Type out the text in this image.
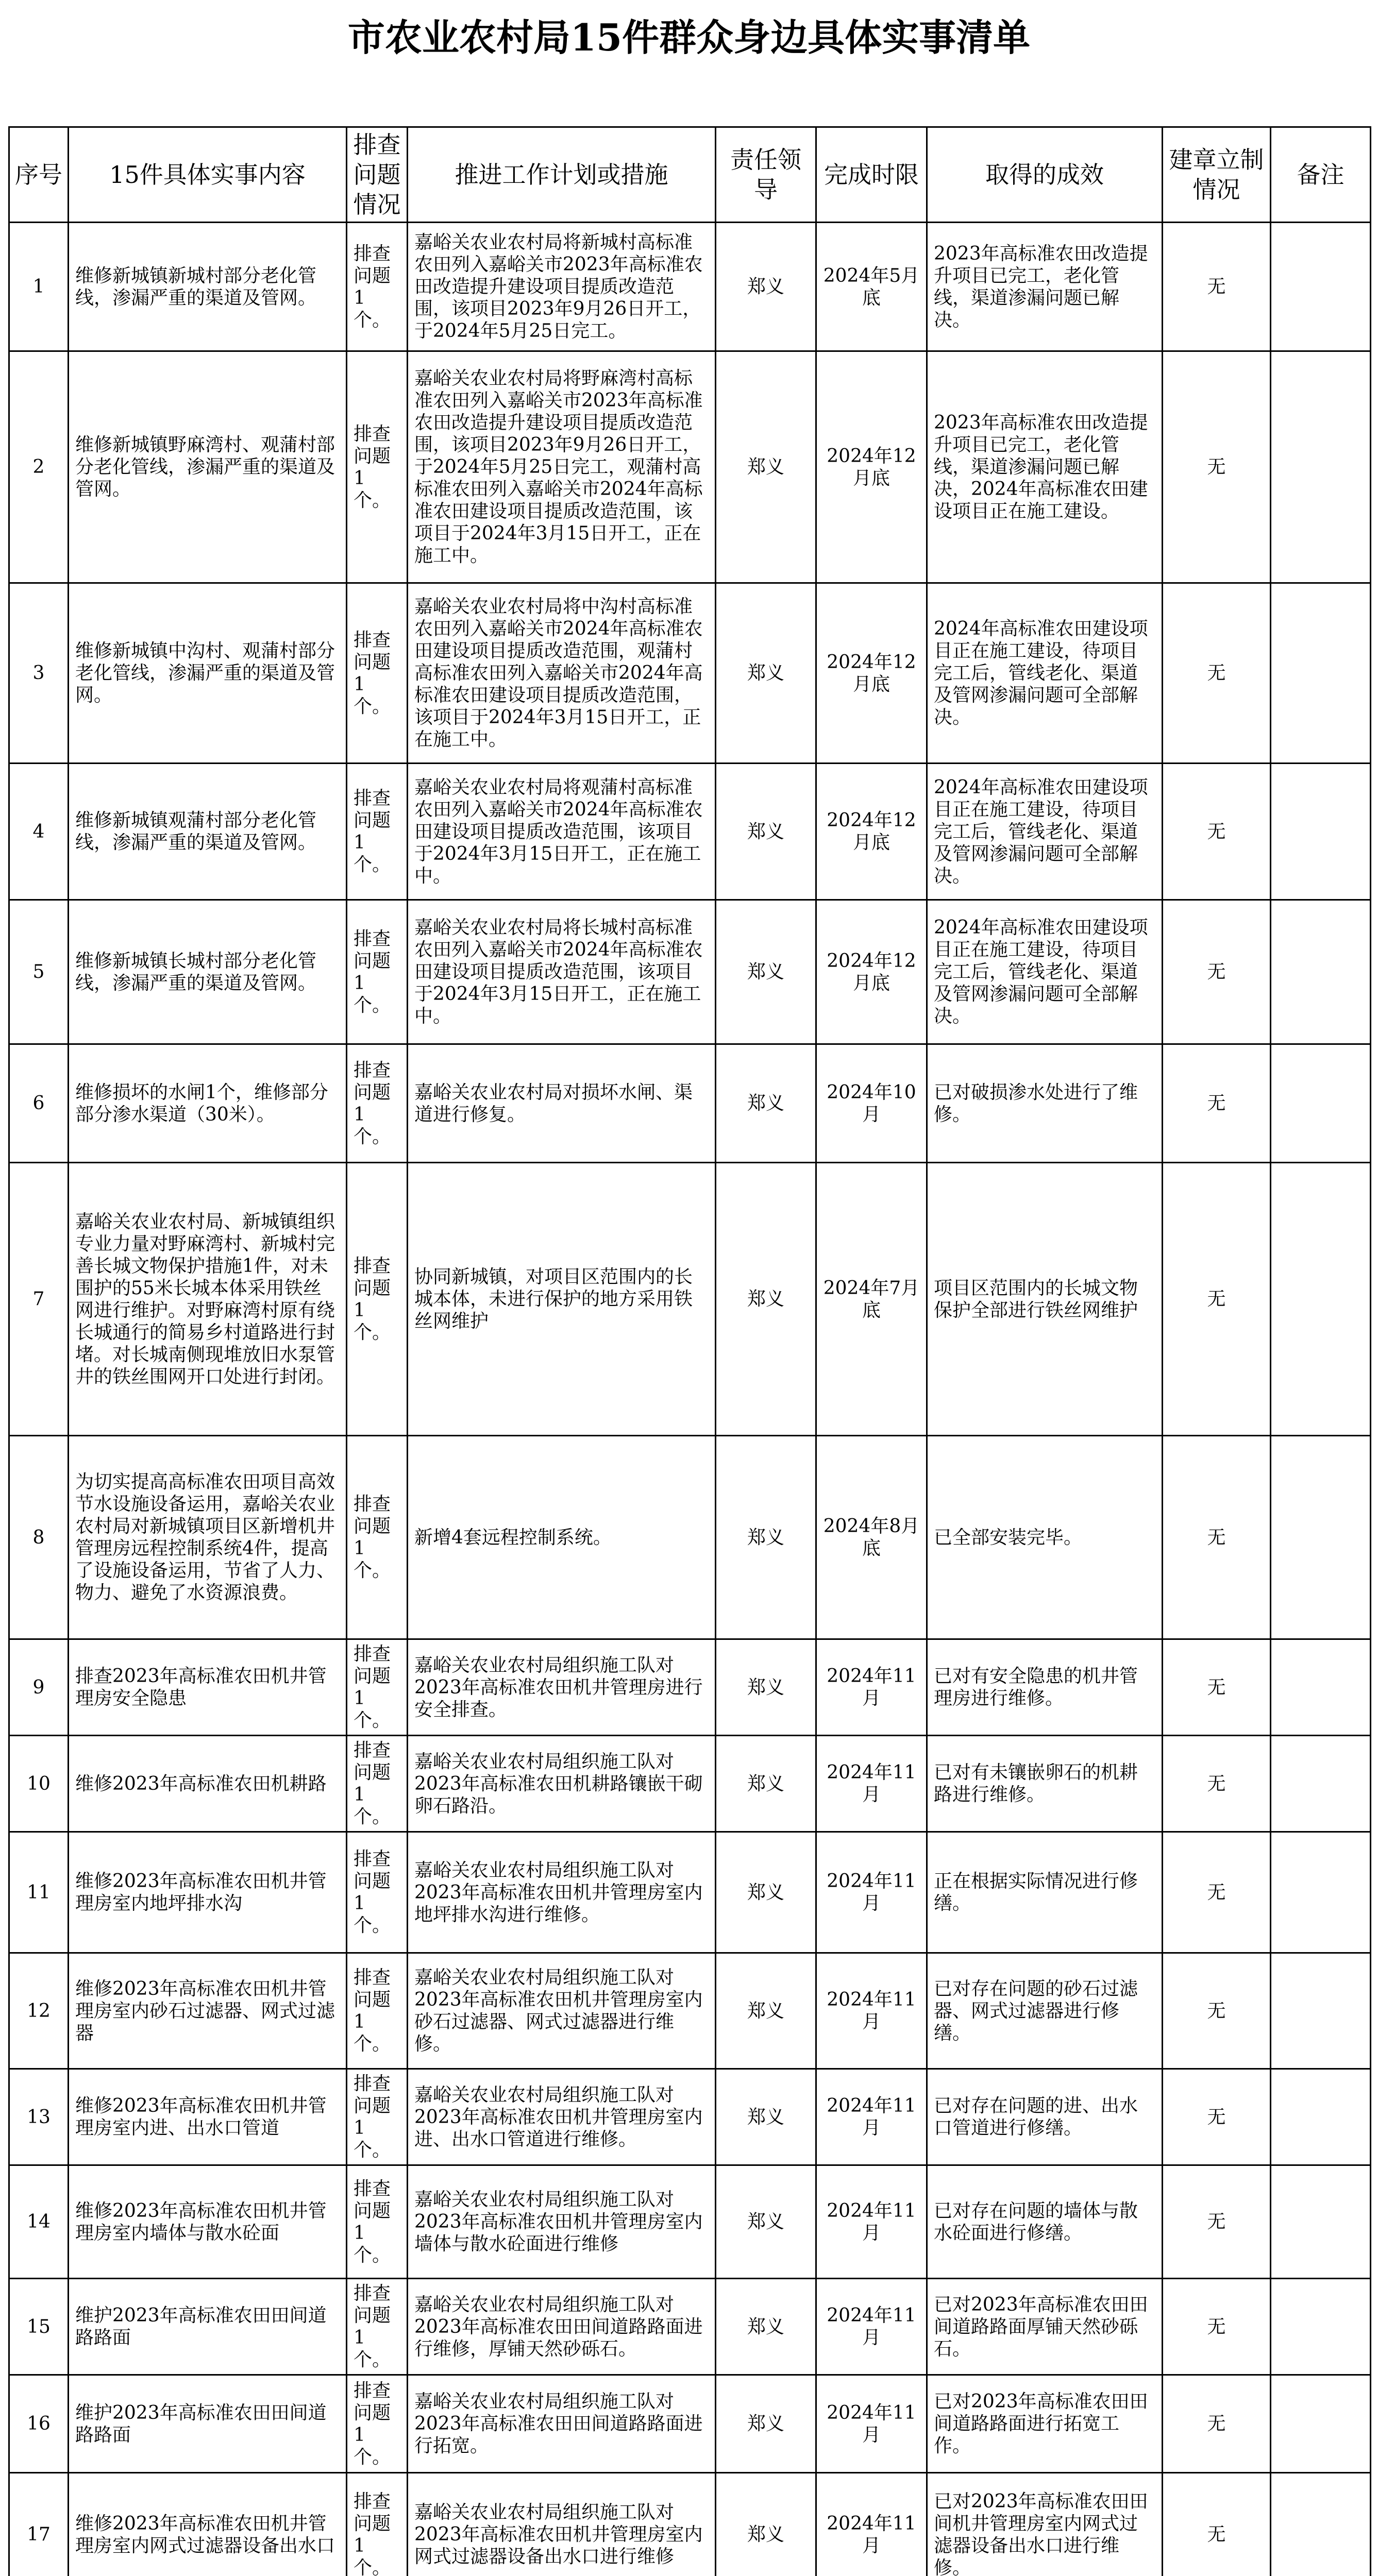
市农业农村局15件群众身边具体实事清单
序号	15件具体实事内容	排查问题情况	推进工作计划或措施	责任领导	完成时限	取得的成效	建章立制情况	备注
1	维修新城镇新城村部分老化管线，渗漏严重的渠道及管网。	排查问题1个。	嘉峪关农业农村局将新城村高标准农田列入嘉峪关市2023年高标准农田改造提升建设项目提质改造范围，该项目2023年9月26日开工，于2024年5月25日完工。	郑义	2024年5月底	2023年高标准农田改造提升项目已完工，老化管线，渠道渗漏问题已解决。	无	
2	维修新城镇野麻湾村、观蒲村部分老化管线，渗漏严重的渠道及管网。	排查问题1个。	嘉峪关农业农村局将野麻湾村高标准农田列入嘉峪关市2023年高标准农田改造提升建设项目提质改造范围，该项目2023年9月26日开工，于2024年5月25日完工，观蒲村高标准农田列入嘉峪关市2024年高标准农田建设项目提质改造范围，该项目于2024年3月15日开工，正在施工中。	郑义	2024年12月底	2023年高标准农田改造提升项目已完工，老化管线，渠道渗漏问题已解决，2024年高标准农田建设项目正在施工建设。	无	
3	维修新城镇中沟村、观蒲村部分老化管线，渗漏严重的渠道及管网。	排查问题1个。	嘉峪关农业农村局将中沟村高标准农田列入嘉峪关市2024年高标准农田建设项目提质改造范围，观蒲村高标准农田列入嘉峪关市2024年高标准农田建设项目提质改造范围，该项目于2024年3月15日开工，正在施工中。	郑义	2024年12月底	2024年高标准农田建设项目正在施工建设，待项目完工后，管线老化、渠道及管网渗漏问题可全部解决。	无	
4	维修新城镇观蒲村部分老化管线，渗漏严重的渠道及管网。	排查问题1个。	嘉峪关农业农村局将观蒲村高标准农田列入嘉峪关市2024年高标准农田建设项目提质改造范围，该项目于2024年3月15日开工，正在施工中。	郑义	2024年12月底	2024年高标准农田建设项目正在施工建设，待项目完工后，管线老化、渠道及管网渗漏问题可全部解决。	无	
5	维修新城镇长城村部分老化管线，渗漏严重的渠道及管网。	排查问题1个。	嘉峪关农业农村局将长城村高标准农田列入嘉峪关市2024年高标准农田建设项目提质改造范围，该项目于2024年3月15日开工，正在施工中。	郑义	2024年12月底	2024年高标准农田建设项目正在施工建设，待项目完工后，管线老化、渠道及管网渗漏问题可全部解决。	无	
6	维修损坏的水闸1个，维修部分部分渗水渠道（30米）。	排查问题1个。	嘉峪关农业农村局对损坏水闸、渠道进行修复。	郑义	2024年10月	已对破损渗水处进行了维修。	无	
7	嘉峪关农业农村局、新城镇组织专业力量对野麻湾村、新城村完善长城文物保护措施1件，对未围护的55米长城本体采用铁丝网进行维护。对野麻湾村原有绕长城通行的简易乡村道路进行封堵。对长城南侧现堆放旧水泵管井的铁丝围网开口处进行封闭。	排查问题1个。	协同新城镇，对项目区范围内的长城本体，未进行保护的地方采用铁丝网维护	郑义	2024年7月底	项目区范围内的长城文物保护全部进行铁丝网维护	无	
8	为切实提高高标准农田项目高效节水设施设备运用，嘉峪关农业农村局对新城镇项目区新增机井管理房远程控制系统4件，提高了设施设备运用，节省了人力、物力、避免了水资源浪费。	排查问题1个。	新增4套远程控制系统。	郑义	2024年8月底	已全部安装完毕。	无	
9	排查2023年高标准农田机井管理房安全隐患	排查问题1个。	嘉峪关农业农村局组织施工队对2023年高标准农田机井管理房进行安全排查。	郑义	2024年11月	已对有安全隐患的机井管理房进行维修。	无	
10	维修2023年高标准农田机耕路	排查问题1个。	嘉峪关农业农村局组织施工队对2023年高标准农田机耕路镶嵌干砌卵石路沿。	郑义	2024年11月	已对有未镶嵌卵石的机耕路进行维修。	无	
11	维修2023年高标准农田机井管理房室内地坪排水沟	排查问题1个。	嘉峪关农业农村局组织施工队对2023年高标准农田机井管理房室内地坪排水沟进行维修。	郑义	2024年11月	正在根据实际情况进行修缮。	无	
12	维修2023年高标准农田机井管理房室内砂石过滤器、网式过滤器	排查问题1个。	嘉峪关农业农村局组织施工队对2023年高标准农田机井管理房室内砂石过滤器、网式过滤器进行维修。	郑义	2024年11月	已对存在问题的砂石过滤器、网式过滤器进行修缮。	无	
13	维修2023年高标准农田机井管理房室内进、出水口管道	排查问题1个。	嘉峪关农业农村局组织施工队对2023年高标准农田机井管理房室内进、出水口管道进行维修。	郑义	2024年11月	已对存在问题的进、出水口管道进行修缮。	无	
14	维修2023年高标准农田机井管理房室内墙体与散水砼面	排查问题1个。	嘉峪关农业农村局组织施工队对2023年高标准农田机井管理房室内墙体与散水砼面进行维修	郑义	2024年11月	已对存在问题的墙体与散水砼面进行修缮。	无	
15	维护2023年高标准农田田间道路路面	排查问题1个。	嘉峪关农业农村局组织施工队对2023年高标准农田田间道路路面进行维修，厚铺天然砂砾石。	郑义	2024年11月	已对2023年高标准农田田间道路路面厚铺天然砂砾石。	无	
16	维护2023年高标准农田田间道路路面	排查问题1个。	嘉峪关农业农村局组织施工队对2023年高标准农田田间道路路面进行拓宽。	郑义	2024年11月	已对2023年高标准农田田间道路路面进行拓宽工作。	无	
17	维修2023年高标准农田机井管理房室内网式过滤器设备出水口	排查问题1个。	嘉峪关农业农村局组织施工队对2023年高标准农田机井管理房室内网式过滤器设备出水口进行维修	郑义	2024年11月	已对2023年高标准农田田间机井管理房室内网式过滤器设备出水口进行维修。	无	
